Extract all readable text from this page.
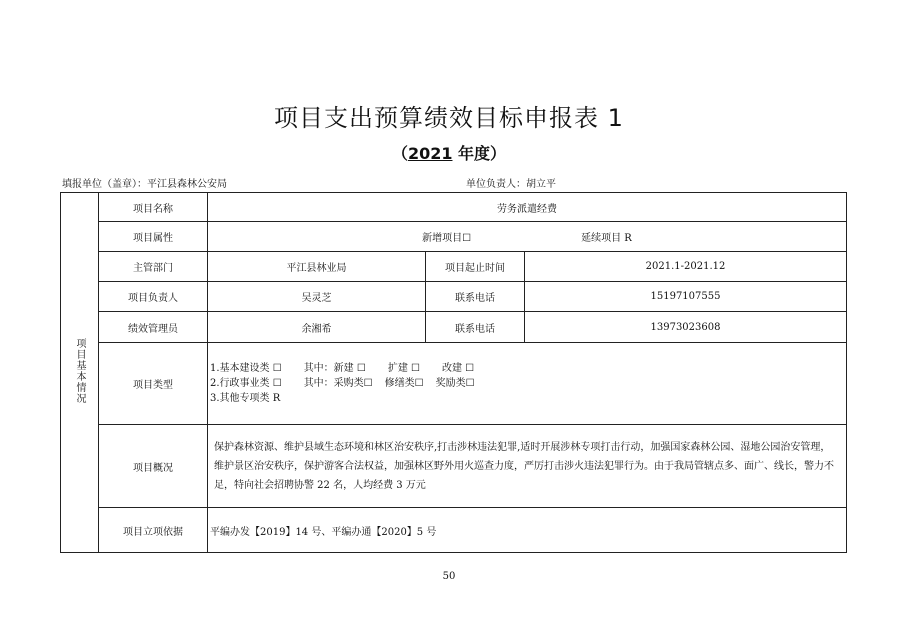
项目支出预算绩效目标申报表 1
（2021 年度）
填报单位（盖章）：平江县森林公安局	单位负责人：胡立平
项目基本情况	项目名称	劳务派遣经费		
	项目属性	新增项目☐ 延续项目 R		
	主管部门	平江县林业局	项目起止时间	2021.1-2021.12
	项目负责人	吴灵芝	联系电话	15197107555
	绩效管理员	余湘希	联系电话	13973023608
	项目类型	1.基本建设类 ☐ 其中：新建 ☐ 扩建 ☐ 改建 ☐
2.行政事业类 ☐ 其中：采购类☐ 修缮类☐ 奖励类☐
3.其他专项类 R		

	项目概况	保护森林资源、维护县域生态环境和林区治安秩序,打击涉林违法犯罪,适时开展涉林专项打击行动，加强国家森林公园、湿地公园治安管理，维护景区治安秩序，保护游客合法权益，加强林区野外用火巡查力度，严厉打击涉火违法犯罪行为。由于我局管辖点多、面广、线长，警力不足，特向社会招聘协警 22 名，人均经费 3 万元		
	项目立项依据	平编办发【2019】14 号、平编办通【2020】5 号		
50
